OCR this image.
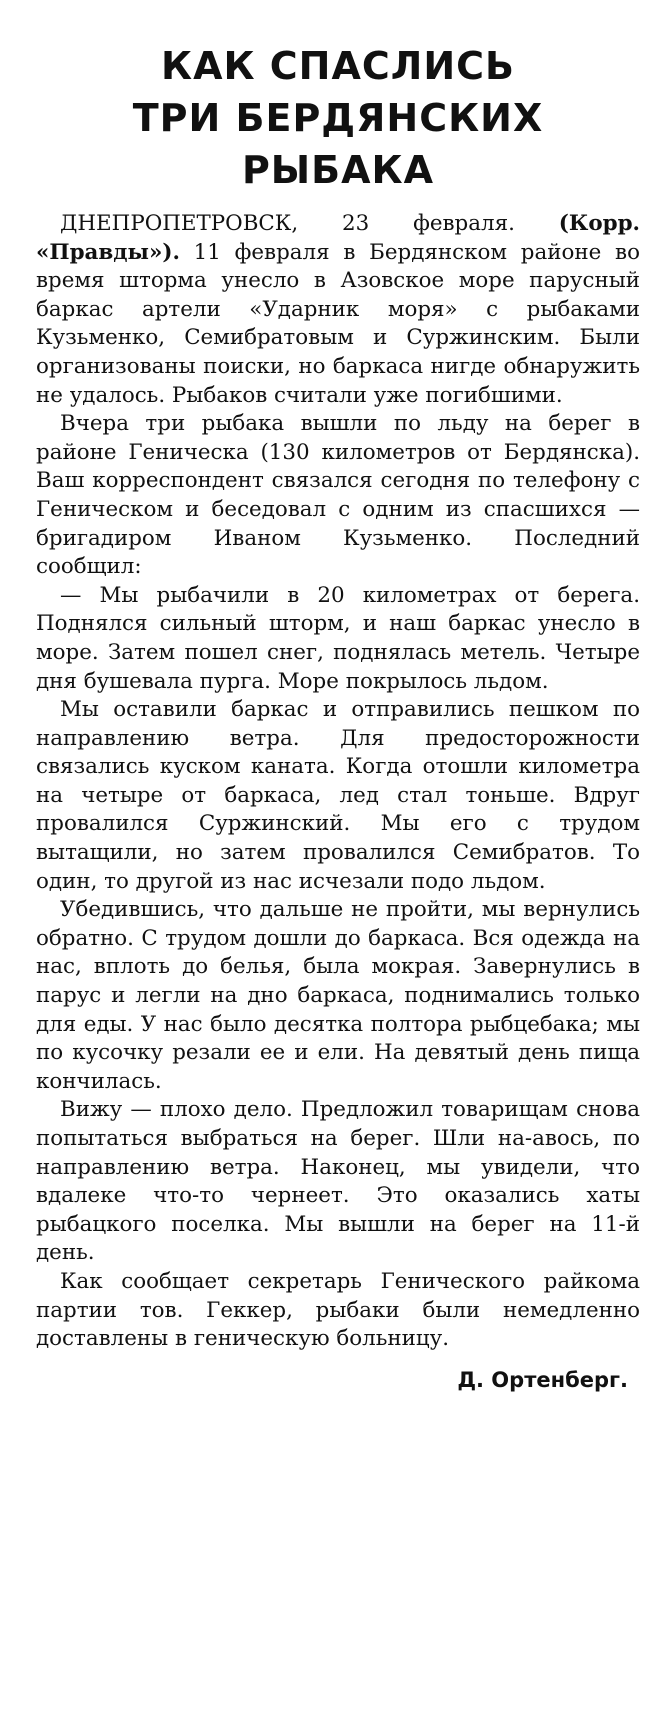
КАК СПАСЛИСЬ
ТРИ БЕРДЯНСКИХ
РЫБАКА

ДНЕПРОПЕТРОВСК, 23 февраля. (Корр. «Правды»). 11 февраля в Бердянском районе во время шторма унесло в Азовское море парусный баркас артели «Ударник моря» с рыбаками Кузьменко, Семибратовым и Суржинским. Были организованы поиски, но баркаса нигде обнаружить не удалось. Рыбаков считали уже погибшими.

Вчера три рыбака вышли по льду на берег в районе Геничеcка (130 километров от Бердянска). Ваш корреспондент связался сегодня по телефону с Геническом и беседовал с одним из спасшихся — бригадиром Иваном Кузьменко. Последний сообщил:

— Мы рыбачили в 20 километрах от берега. Поднялся сильный шторм, и наш баркас унесло в море. Затем пошел снег, поднялась метель. Четыре дня бушевала пурга. Море покрылось льдом.

Мы оставили баркас и отправились пешком по направлению ветра. Для предосторожности связались куском каната. Когда отошли километра на четыре от баркаса, лед стал тоньше. Вдруг провалился Суржинский. Мы его с трудом вытащили, но затем провалился Семибратов. То один, то другой из нас исчезали подо льдом.

Убедившись, что дальше не пройти, мы вернулись обратно. С трудом дошли до баркаса. Вся одежда на нас, вплоть до белья, была мокрая. Завернулись в парус и легли на дно баркаса, поднимались только для еды. У нас было десятка полтора рыбцебака; мы по кусочку резали ее и ели. На девятый день пища кончилась.

Вижу — плохо дело. Предложил товарищам снова попытаться выбраться на берег. Шли на-авось, по направлению ветра. Наконец, мы увидели, что вдалеке что-то чернеет. Это оказались хаты рыбацкого поселка. Мы вышли на берег на 11-й день.

Как сообщает секретарь Генического райкома партии тов. Геккер, рыбаки были немедленно доставлены в геническую больницу.

Д. Ортенберг.
